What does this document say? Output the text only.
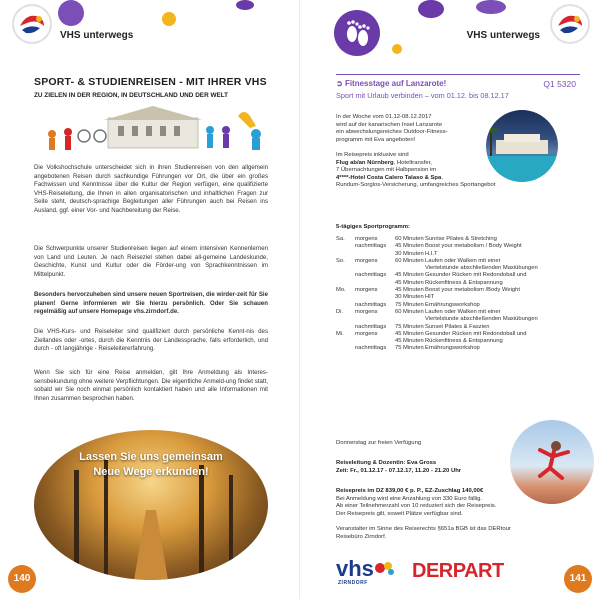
VHS unterwegs
SPORT- & STUDIENREISEN - MIT IHRER VHS
ZU ZIELEN IN DER REGION, IN DEUTSCHLAND UND DER WELT
Die Volkshochschule unterscheidet sich in ihren Studienreisen von den allgemein angebotenen Reisen durch sachkundige Führungen vor Ort, die über ein großes Fachwissen und Kenntnisse über die Kultur der Region verfügen, eine qualifizierte VHS-Reiseleitung, die Ihnen in allen organisatorischen und inhaltlichen Fragen zur Seite steht, deutsch-sprachige Begleitungen aller Führungen auch bei Reisen ins Ausland, ggf. einer Vor- und Nachbereitung der Reise.
Die Schwerpunkte unserer Studienreisen liegen auf einem intensiven Kennenlernen von Land und Leuten. Je nach Reiseziel stehen dabei all-gemeine Landeskunde, Geschichte, Kunst und Kultur oder die Förder-ung von Sprachkenntnissen im Mittelpunkt.
Besonders hervorzuheben sind unsere neuen Sportreisen, die wirder-zeit für Sie planen! Gerne informieren wir Sie hierzu persönlich. Oder Sie schauen regelmäßig auf unsere Homepage vhs.zirndorf.de.
Die VHS-Kurs- und Reiseleiter sind qualifiziert durch persönliche Kennt-nis des Ziellandes oder -ortes, durch die Kenntnis der Landessprache, falls erforderlich, und durch - oft langjährige - Reiseleitererfahrung.
Wenn Sie sich für eine Reise anmelden, gilt Ihre Anmeldung als Interes-sensbekundung ohne weitere Verpflichtungen. Die eigentliche Anmeld-ung findet statt, sobald wir Sie noch einmal persönlich kontaktiert haben und alle Informationen mit Ihnen zusammen besprochen haben.
Lassen Sie uns gemeinsam
Neue Wege erkunden!
140
VHS unterwegs
➲ Fitnesstage auf Lanzarote!	Q1 5320
Sport mit Urlaub verbinden – vom 01.12. bis 08.12.17
In der Woche vom 01.12-08.12.2017
wird auf der kanarischen Insel Lanzarote
ein abwechslungsreiches Outdoor-Fitness-
programm mit Eva angeboten!
Im Reisepreis inklusive sind
Flug ab/an Nürnberg, Hoteltransfer,
7 Übernachtungen mit Halbpension im
4****-Hotel Costa Calero Talaso & Spa,
Rundum-Sorglos-Versicherung, umfangreiches Sportangebot
5-tägiges Sportprogramm:
Sa.	morgens	60 Minuten Sunrise Pilates & Stretching
nachmittags	45 Minuten Boost your metabolism / Body Weight
30 Minuten H.I.T
So.	morgens	60 Minuten Laufen oder Walken mit einer
Viertelstunde abschließenden Maxiübungen
nachmittags	45 Minuten Gesunder Rücken mit Redondoball und
45 Minuten Rückenfitness & Entspannung
Mo.	morgens	45 Minuten Boost your metabolism /Body Weight
30 Minuten HIT
nachmittags	75 Minuten Ernährungsworkshop
Di.	morgens	60 Minuten Laufen oder Walken mit einer
Viertelstunde abschließenden Maxiübungen
nachmittags	75 Minuten Sunset Pilates & Faszien
Mi.	morgens	45 Minuten Gesunder Rücken mit Redondoball und
45 Minuten Rückenfitness & Entspannung
nachmittags	75 Minuten Ernährungsworkshop
Donnerstag zur freien Verfügung
Reiseleitung & Dozentin: Eva Gross
Zeit: Fr., 01.12.17 - 07.12.17, 11.20 - 21.20 Uhr
Reisepreis im DZ 839,00 € p. P., EZ-Zuschlag 140,00€
Bei Anmeldung wird eine Anzahlung von 330 Euro fällig.
Ab einer Teilnehmerzahl von 10 reduziert sich der Reisepreis.
Der Reisepreis gilt, soweit Plätze verfügbar sind.
Veranstalter im Sinne des Reiserechts §651a BGB ist das DERtour
Reisebüro Zirndorf.
vhs
ZIRNDORF
DERPART	141
